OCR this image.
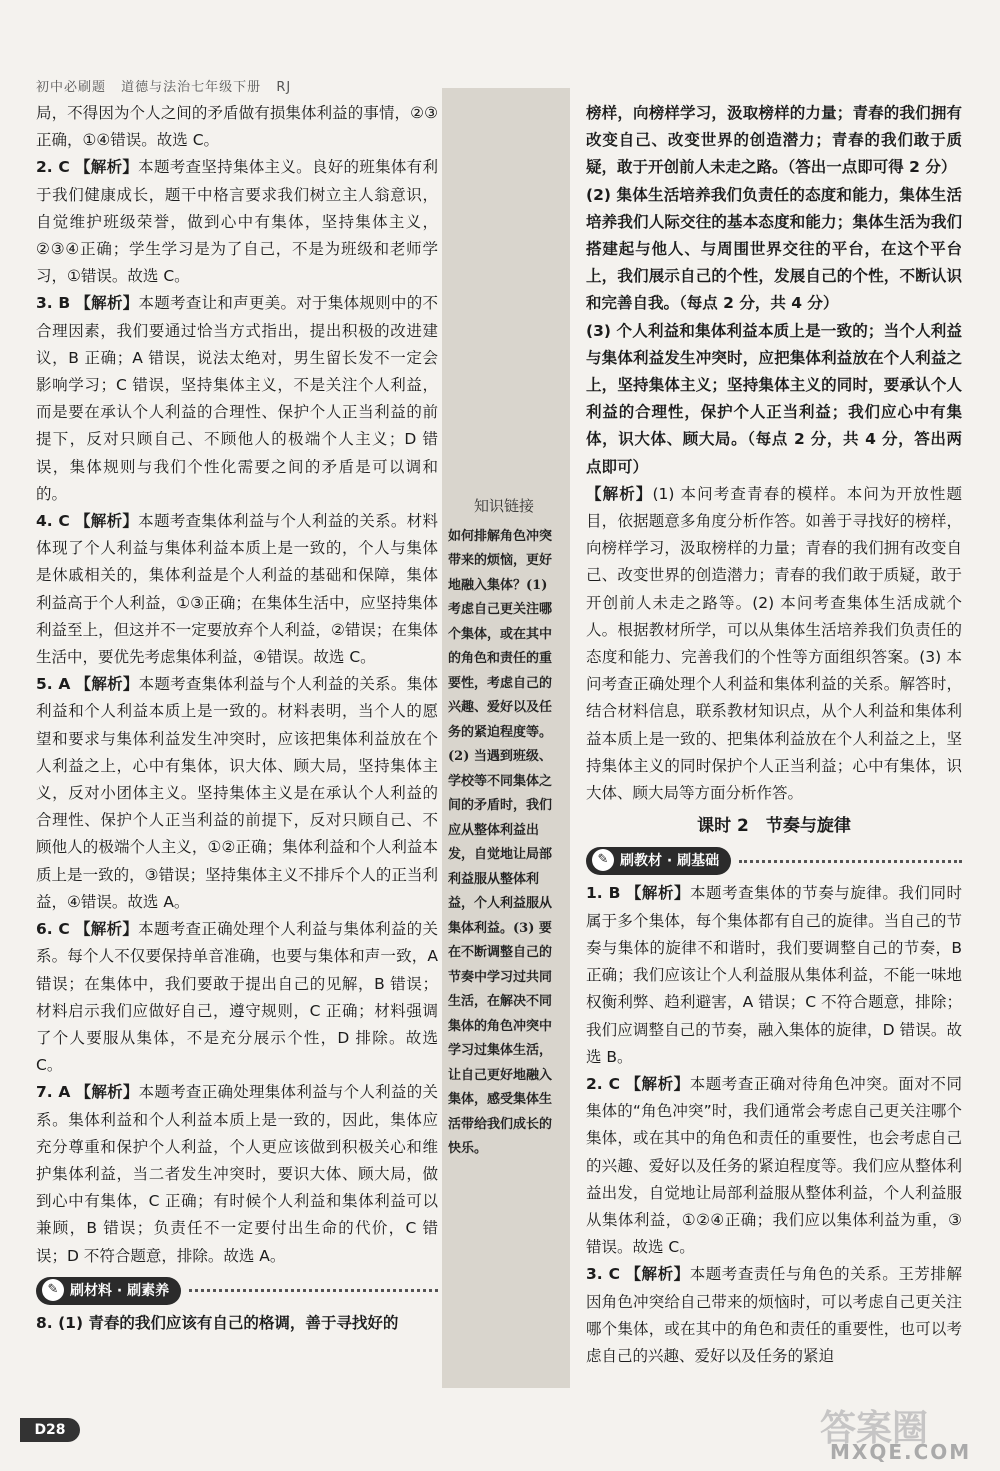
初中必刷题 道德与法治七年级下册 RJ

局，不得因为个人之间的矛盾做有损集体利益的事情，②③正确，①④错误。故选 C。

2. C 【解析】本题考查坚持集体主义。良好的班集体有利于我们健康成长，题干中格言要求我们树立主人翁意识，自觉维护班级荣誉，做到心中有集体，坚持集体主义，②③④正确；学生学习是为了自己，不是为班级和老师学习，①错误。故选 C。

3. B 【解析】本题考查让和声更美。对于集体规则中的不合理因素，我们要通过恰当方式指出，提出积极的改进建议，B 正确；A 错误，说法太绝对，男生留长发不一定会影响学习；C 错误，坚持集体主义，不是关注个人利益，而是要在承认个人利益的合理性、保护个人正当利益的前提下，反对只顾自己、不顾他人的极端个人主义；D 错误，集体规则与我们个性化需要之间的矛盾是可以调和的。

4. C 【解析】本题考查集体利益与个人利益的关系。材料体现了个人利益与集体利益本质上是一致的，个人与集体是休戚相关的，集体利益是个人利益的基础和保障，集体利益高于个人利益，①③正确；在集体生活中，应坚持集体利益至上，但这并不一定要放弃个人利益，②错误；在集体生活中，要优先考虑集体利益，④错误。故选 C。

5. A 【解析】本题考查集体利益与个人利益的关系。集体利益和个人利益本质上是一致的。材料表明，当个人的愿望和要求与集体利益发生冲突时，应该把集体利益放在个人利益之上，心中有集体，识大体、顾大局，坚持集体主义，反对小团体主义。坚持集体主义是在承认个人利益的合理性、保护个人正当利益的前提下，反对只顾自己、不顾他人的极端个人主义，①②正确；集体利益和个人利益本质上是一致的，③错误；坚持集体主义不排斥个人的正当利益，④错误。故选 A。

6. C 【解析】本题考查正确处理个人利益与集体利益的关系。每个人不仅要保持单音准确，也要与集体和声一致，A 错误；在集体中，我们要敢于提出自己的见解，B 错误；材料启示我们应做好自己，遵守规则，C 正确；材料强调了个人要服从集体，不是充分展示个性，D 排除。故选 C。

7. A 【解析】本题考查正确处理集体利益与个人利益的关系。集体利益和个人利益本质上是一致的，因此，集体应充分尊重和保护个人利益，个人更应该做到积极关心和维护集体利益，当二者发生冲突时，要识大体、顾大局，做到心中有集体，C 正确；有时候个人利益和集体利益可以兼顾，B 错误；负责任不一定要付出生命的代价，C 错误；D 不符合题意，排除。故选 A。

✎ 刷材料 · 刷素养

8. (1) 青春的我们应该有自己的格调，善于寻找好的

知识链接
如何排解角色冲突带来的烦恼，更好地融入集体？(1) 考虑自己更关注哪个集体，或在其中的角色和责任的重要性，考虑自己的兴趣、爱好以及任务的紧迫程度等。(2) 当遇到班级、学校等不同集体之间的矛盾时，我们应从整体利益出发，自觉地让局部利益服从整体利益，个人利益服从集体利益。(3) 要在不断调整自己的节奏中学习过共同生活，在解决不同集体的角色冲突中学习过集体生活，让自己更好地融入集体，感受集体生活带给我们成长的快乐。

榜样，向榜样学习，汲取榜样的力量；青春的我们拥有改变自己、改变世界的创造潜力；青春的我们敢于质疑，敢于开创前人未走之路。（答出一点即可得 2 分）

(2) 集体生活培养我们负责任的态度和能力，集体生活培养我们人际交往的基本态度和能力；集体生活为我们搭建起与他人、与周围世界交往的平台，在这个平台上，我们展示自己的个性，发展自己的个性，不断认识和完善自我。（每点 2 分，共 4 分）

(3) 个人利益和集体利益本质上是一致的；当个人利益与集体利益发生冲突时，应把集体利益放在个人利益之上，坚持集体主义；坚持集体主义的同时，要承认个人利益的合理性，保护个人正当利益；我们应心中有集体，识大体、顾大局。（每点 2 分，共 4 分，答出两点即可）

【解析】(1) 本问考查青春的模样。本问为开放性题目，依据题意多角度分析作答。如善于寻找好的榜样，向榜样学习，汲取榜样的力量；青春的我们拥有改变自己、改变世界的创造潜力；青春的我们敢于质疑，敢于开创前人未走之路等。(2) 本问考查集体生活成就个人。根据教材所学，可以从集体生活培养我们负责任的态度和能力、完善我们的个性等方面组织答案。(3) 本问考查正确处理个人利益和集体利益的关系。解答时，结合材料信息，联系教材知识点，从个人利益和集体利益本质上是一致的、把集体利益放在个人利益之上，坚持集体主义的同时保护个人正当利益；心中有集体，识大体、顾大局等方面分析作答。

课时 2　节奏与旋律
✎ 刷教材 · 刷基础

1. B 【解析】本题考查集体的节奏与旋律。我们同时属于多个集体，每个集体都有自己的旋律。当自己的节奏与集体的旋律不和谐时，我们要调整自己的节奏，B 正确；我们应该让个人利益服从集体利益，不能一味地权衡利弊、趋利避害，A 错误；C 不符合题意，排除；我们应调整自己的节奏，融入集体的旋律，D 错误。故选 B。

2. C 【解析】本题考查正确对待角色冲突。面对不同集体的“角色冲突”时，我们通常会考虑自己更关注哪个集体，或在其中的角色和责任的重要性，也会考虑自己的兴趣、爱好以及任务的紧迫程度等。我们应从整体利益出发，自觉地让局部利益服从整体利益，个人利益服从集体利益，①②④正确；我们应以集体利益为重，③错误。故选 C。

3. C 【解析】本题考查责任与角色的关系。王芳排解因角色冲突给自己带来的烦恼时，可以考虑自己更关注哪个集体，或在其中的角色和责任的重要性，也可以考虑自己的兴趣、爱好以及任务的紧迫

D28	答案圈
MXQE.COM
